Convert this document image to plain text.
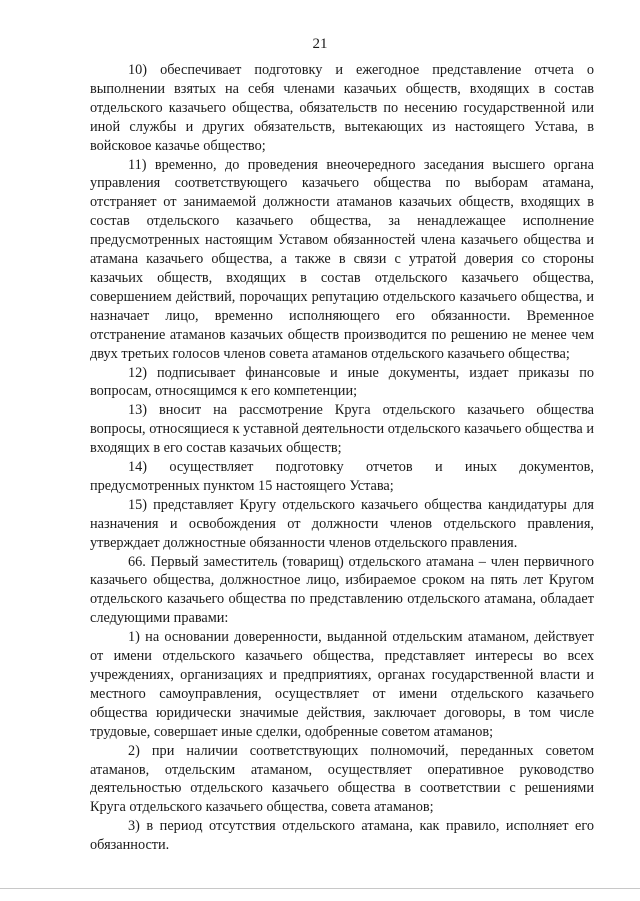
21

10) обеспечивает подготовку и ежегодное представление отчета о выполнении взятых на себя членами казачьих обществ, входящих в состав отдельского казачьего общества, обязательств по несению государственной или иной службы и других обязательств, вытекающих из настоящего Устава, в войсковое казачье общество;

11) временно, до проведения внеочередного заседания высшего органа управления соответствующего казачьего общества по выборам атамана, отстраняет от занимаемой должности атаманов казачьих обществ, входящих в состав отдельского казачьего общества, за ненадлежащее исполнение предусмотренных настоящим Уставом обязанностей члена казачьего общества и атамана казачьего общества, а также в связи с утратой доверия со стороны казачьих обществ, входящих в состав отдельского казачьего общества, совершением действий, порочащих репутацию отдельского казачьего общества, и назначает лицо, временно исполняющего его обязанности. Временное отстранение атаманов казачьих обществ производится по решению не менее чем двух третьих голосов членов совета атаманов отдельского казачьего общества;

12) подписывает финансовые и иные документы, издает приказы по вопросам, относящимся к его компетенции;

13) вносит на рассмотрение Круга отдельского казачьего общества вопросы, относящиеся к уставной деятельности отдельского казачьего общества и входящих в его состав казачьих обществ;

14) осуществляет подготовку отчетов и иных документов, предусмотренных пунктом 15 настоящего Устава;

15) представляет Кругу отдельского казачьего общества кандидатуры для назначения и освобождения от должности членов отдельского правления, утверждает должностные обязанности членов отдельского правления.

66. Первый заместитель (товарищ) отдельского атамана – член первичного казачьего общества, должностное лицо, избираемое сроком на пять лет Кругом отдельского казачьего общества по представлению отдельского атамана, обладает следующими правами:

1) на основании доверенности, выданной отдельским атаманом, действует от имени отдельского казачьего общества, представляет интересы во всех учреждениях, организациях и предприятиях, органах государственной власти и местного самоуправления, осуществляет от имени отдельского казачьего общества юридически значимые действия, заключает договоры, в том числе трудовые, совершает иные сделки, одобренные советом атаманов;

2) при наличии соответствующих полномочий, переданных советом атаманов, отдельским атаманом, осуществляет оперативное руководство деятельностью отдельского казачьего общества в соответствии с решениями Круга отдельского казачьего общества, совета атаманов;

3) в период отсутствия отдельского атамана, как правило, исполняет его обязанности.
